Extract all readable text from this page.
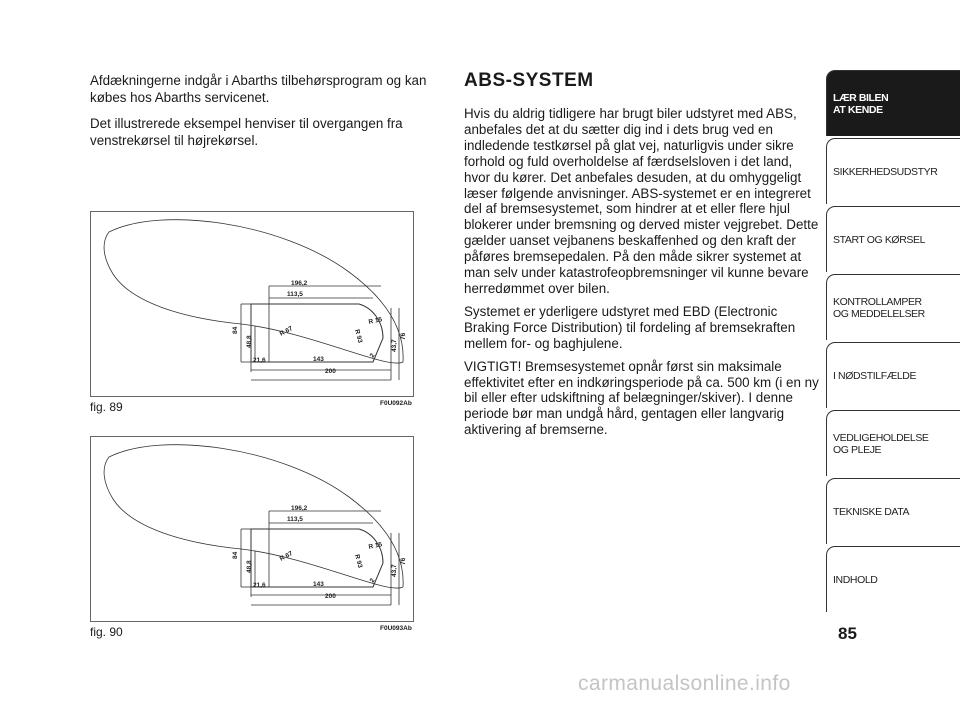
Afdækningerne indgår i Abarths tilbehørsprogram og kan købes hos Abarths servicenet.

Det illustrerede eksempel henviser til overgangen fra venstrekørsel til højrekørsel.

196,2
113,5
R 15
84
48,8
R 67	R 93
43,7
76
2
21,6	143
200
fig. 89	F0U092Ab
196,2
113,5
R 15
84
48,8
R 67	R 93
43,7
76
2
21,6	143
200
fig. 90	F0U093Ab
ABS-SYSTEM

Hvis du aldrig tidligere har brugt biler udstyret med ABS, anbefales det at du sætter dig ind i dets brug ved en indledende testkørsel på glat vej, naturligvis under sikre forhold og fuld overholdelse af færdselsloven i det land, hvor du kører. Det anbefales desuden, at du omhyggeligt læser følgende anvisninger. ABS-systemet er en integreret del af bremsesystemet, som hindrer at et eller flere hjul blokerer under bremsning og derved mister vejgrebet. Dette gælder uanset vejbanens beskaffenhed og den kraft der påføres bremsepedalen. På den måde sikrer systemet at man selv under katastrofeopbremsninger vil kunne bevare herredømmet over bilen.

Systemet er yderligere udstyret med EBD (Electronic Braking Force Distribution) til fordeling af bremsekraften mellem for- og baghjulene.

VIGTIGT! Bremsesystemet opnår først sin maksimale effektivitet efter en indkøringsperiode på ca. 500 km (i en ny bil eller efter udskiftning af belægninger/skiver). I denne periode bør man undgå hård, gentagen eller langvarig aktivering af bremserne.

LÆR BILEN
AT KENDE
SIKKERHEDSUDSTYR
START OG KØRSEL
KONTROLLAMPER
OG MEDDELELSER
I NØDSTILFÆLDE
VEDLIGEHOLDELSE
OG PLEJE
TEKNISKE DATA
INDHOLD
85
carmanualsonline.info
